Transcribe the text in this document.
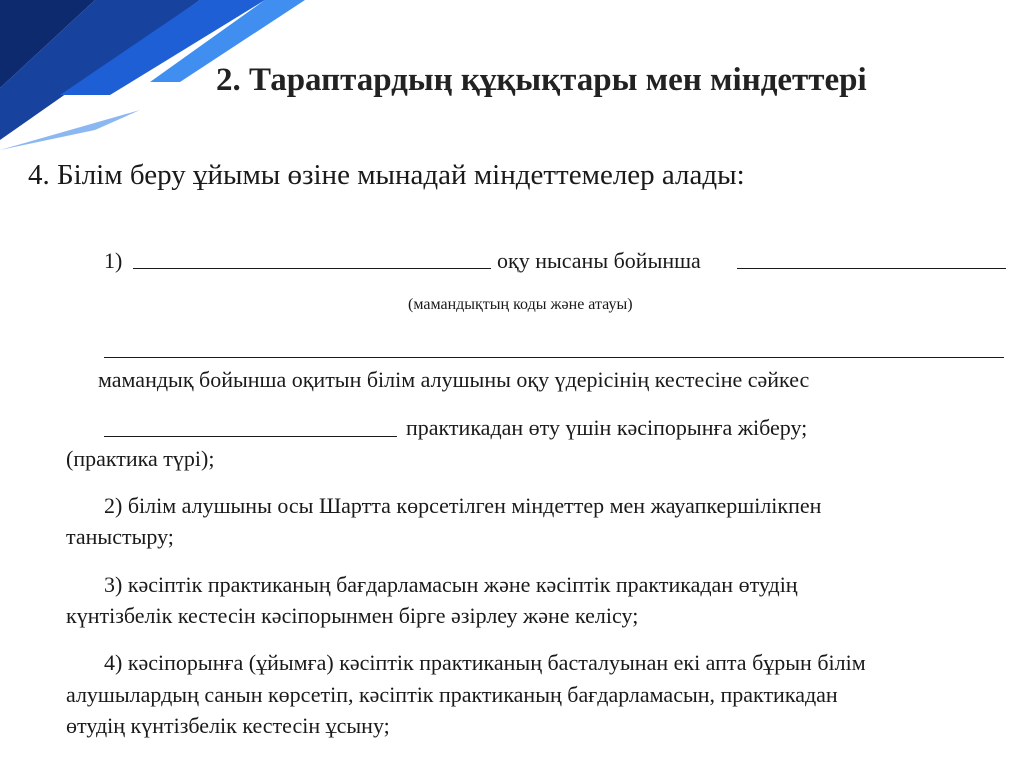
2. Тараптардың құқықтары мен міндеттері
4. Білім беру ұйымы өзіне мынадай міндеттемелер алады:
1)	оқу нысаны бойынша
(мамандықтың коды және атауы)
мамандық бойынша оқитын білім алушыны оқу үдерісінің кестесіне сәйкес
практикадан өту үшін кәсіпорынға жіберу;
(практика түрі);
2) білім алушыны осы Шартта көрсетілген міндеттер мен жауапкершілікпен
таныстыру;
3) кәсіптік практиканың бағдарламасын және кәсіптік практикадан өтудің
күнтізбелік кестесін кәсіпорынмен бірге әзірлеу және келісу;
4) кәсіпорынға (ұйымға) кәсіптік практиканың басталуынан екі апта бұрын білім
алушылардың санын көрсетіп, кәсіптік практиканың бағдарламасын, практикадан
өтудің күнтізбелік кестесін ұсыну;
